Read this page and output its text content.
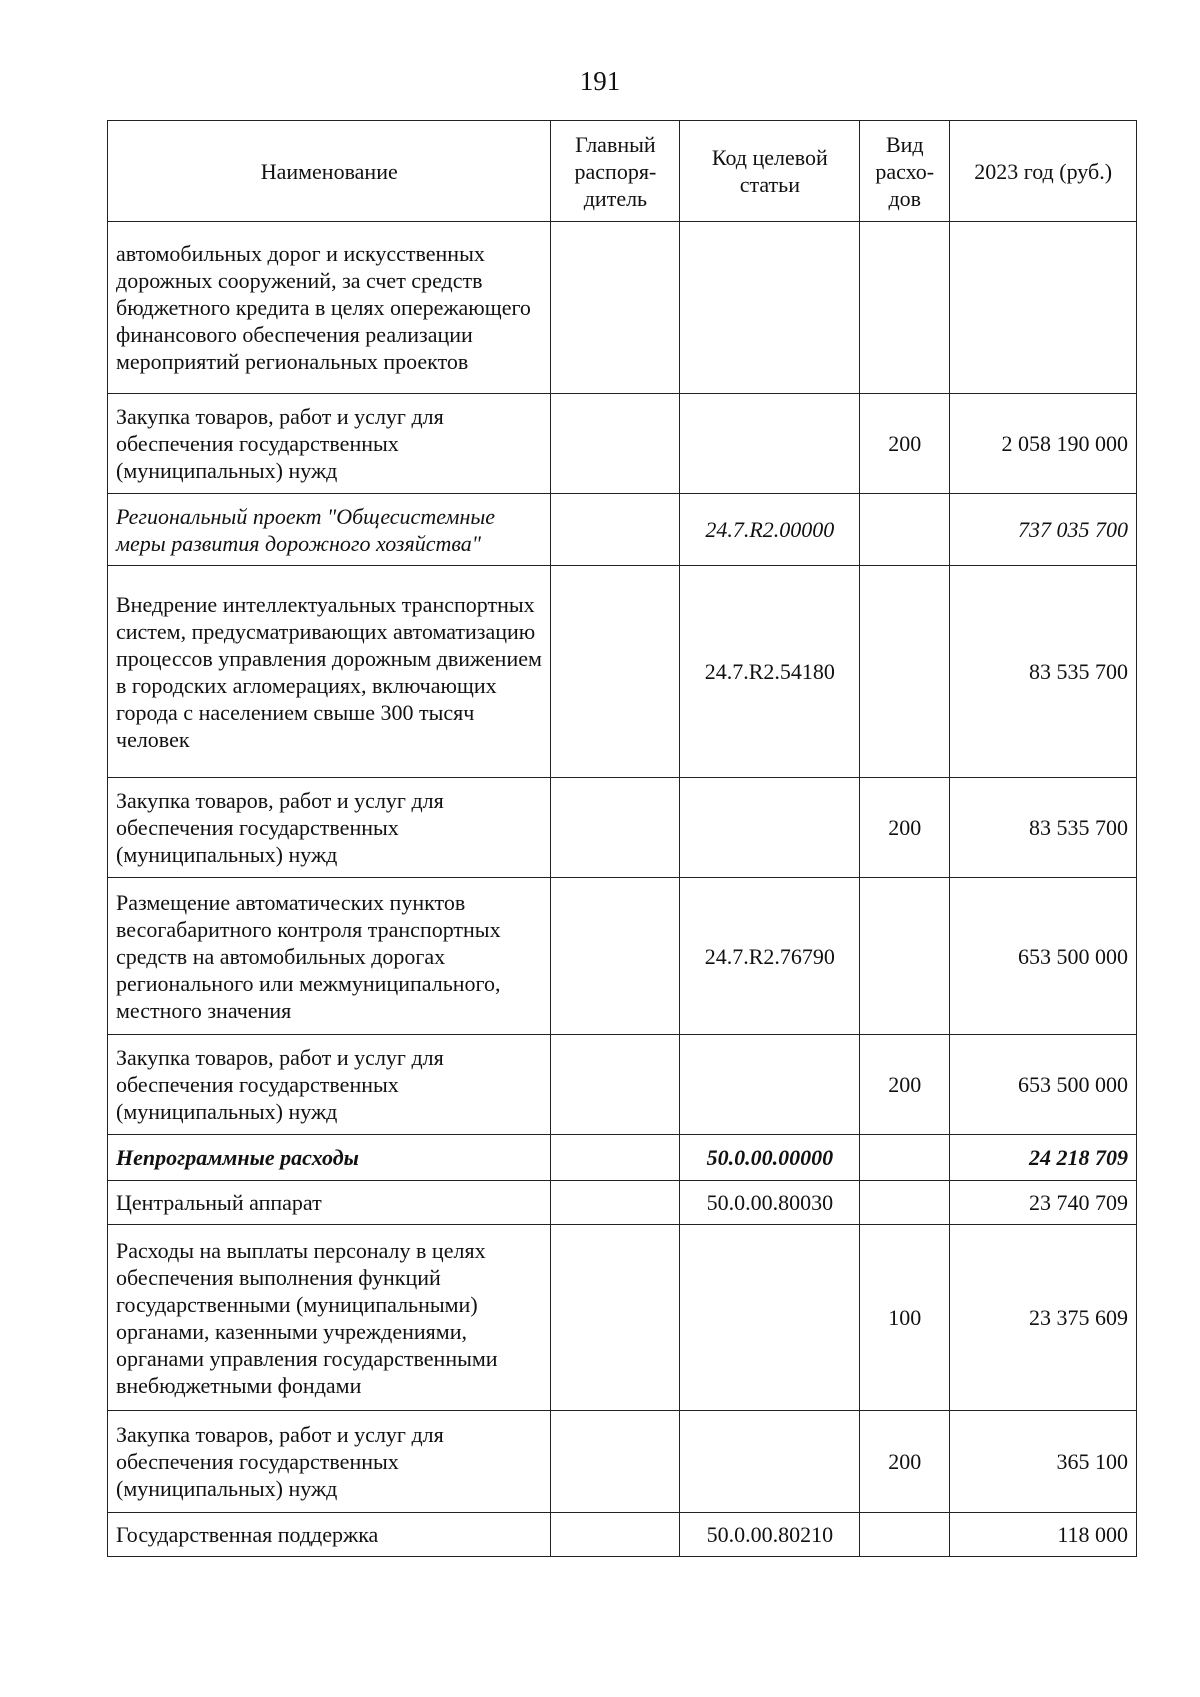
191
Наименование	Главный распоря-дитель	Код целевой статьи	Вид расхо-дов	2023 год (руб.)
автомобильных дорог и искусственных дорожных сооружений, за счет средств бюджетного кредита в целях опережающего финансового обеспечения реализации мероприятий региональных проектов				
Закупка товаров, работ и услуг для обеспечения государственных (муниципальных) нужд			200	2 058 190 000
Региональный проект "Общесистемные меры развития дорожного хозяйства"		24.7.R2.00000		737 035 700
Внедрение интеллектуальных транспортных систем, предусматривающих автоматизацию процессов управления дорожным движением в городских агломерациях, включающих города с населением свыше 300 тысяч человек		24.7.R2.54180		83 535 700
Закупка товаров, работ и услуг для обеспечения государственных (муниципальных) нужд			200	83 535 700
Размещение автоматических пунктов весогабаритного контроля транспортных средств на автомобильных дорогах регионального или межмуниципального, местного значения		24.7.R2.76790		653 500 000
Закупка товаров, работ и услуг для обеспечения государственных (муниципальных) нужд			200	653 500 000
Непрограммные расходы		50.0.00.00000		24 218 709
Центральный аппарат		50.0.00.80030		23 740 709
Расходы на выплаты персоналу в целях обеспечения выполнения функций государственными (муниципальными) органами, казенными учреждениями, органами управления государственными внебюджетными фондами			100	23 375 609
Закупка товаров, работ и услуг для обеспечения государственных (муниципальных) нужд			200	365 100
Государственная поддержка		50.0.00.80210		118 000
